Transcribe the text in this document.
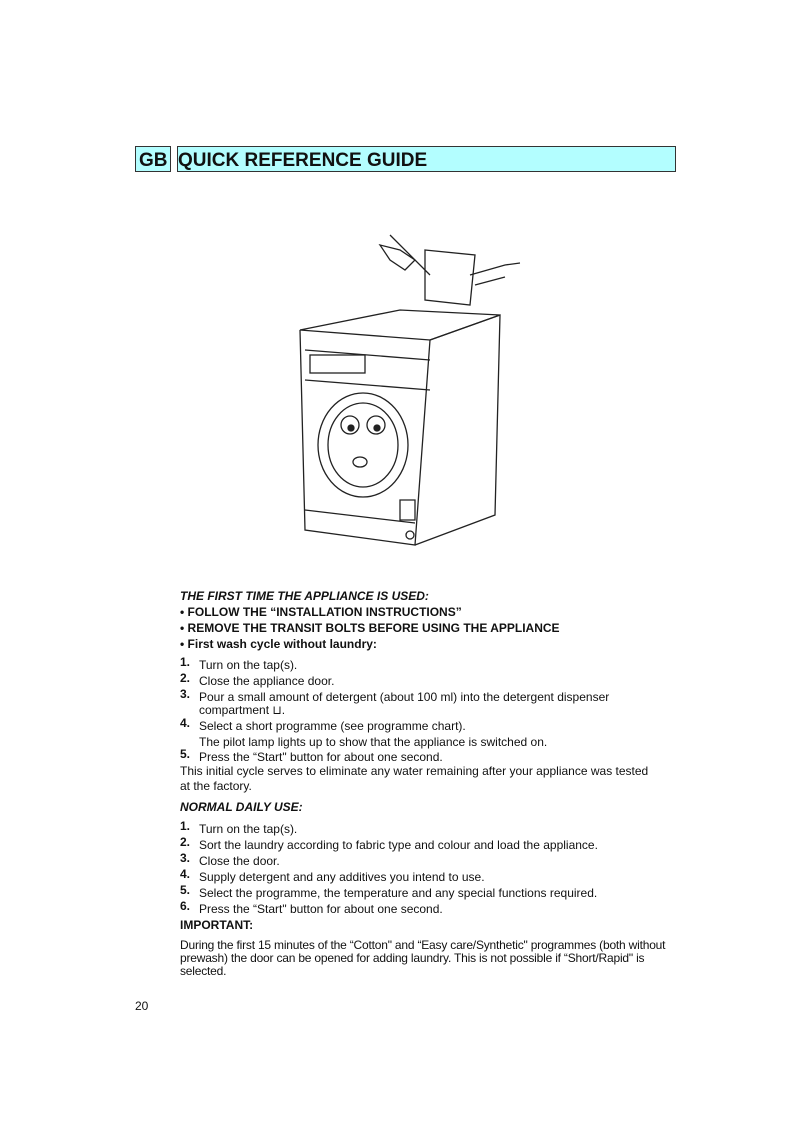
GB QUICK REFERENCE GUIDE
THE FIRST TIME THE APPLIANCE IS USED:
• FOLLOW THE “INSTALLATION INSTRUCTIONS”
• REMOVE THE TRANSIT BOLTS BEFORE USING THE APPLIANCE
• First wash cycle without laundry:
1. Turn on the tap(s).
2. Close the appliance door.
3. Pour a small amount of detergent (about 100 ml) into the detergent dispenser
compartment ⊔.
4. Select a short programme (see programme chart).
The pilot lamp lights up to show that the appliance is switched on.
5. Press the “Start" button for about one second.
This initial cycle serves to eliminate any water remaining after your appliance was tested
at the factory.
NORMAL DAILY USE:
1. Turn on the tap(s).
2. Sort the laundry according to fabric type and colour and load the appliance.
3. Close the door.
4. Supply detergent and any additives you intend to use.
5. Select the programme, the temperature and any special functions required.
6. Press the “Start" button for about one second.
IMPORTANT:
During the first 15 minutes of the “Cotton" and “Easy care/Synthetic" programmes (both without prewash) the door can be opened for adding laundry. This is not possible if “Short/Rapid" is selected.
20
